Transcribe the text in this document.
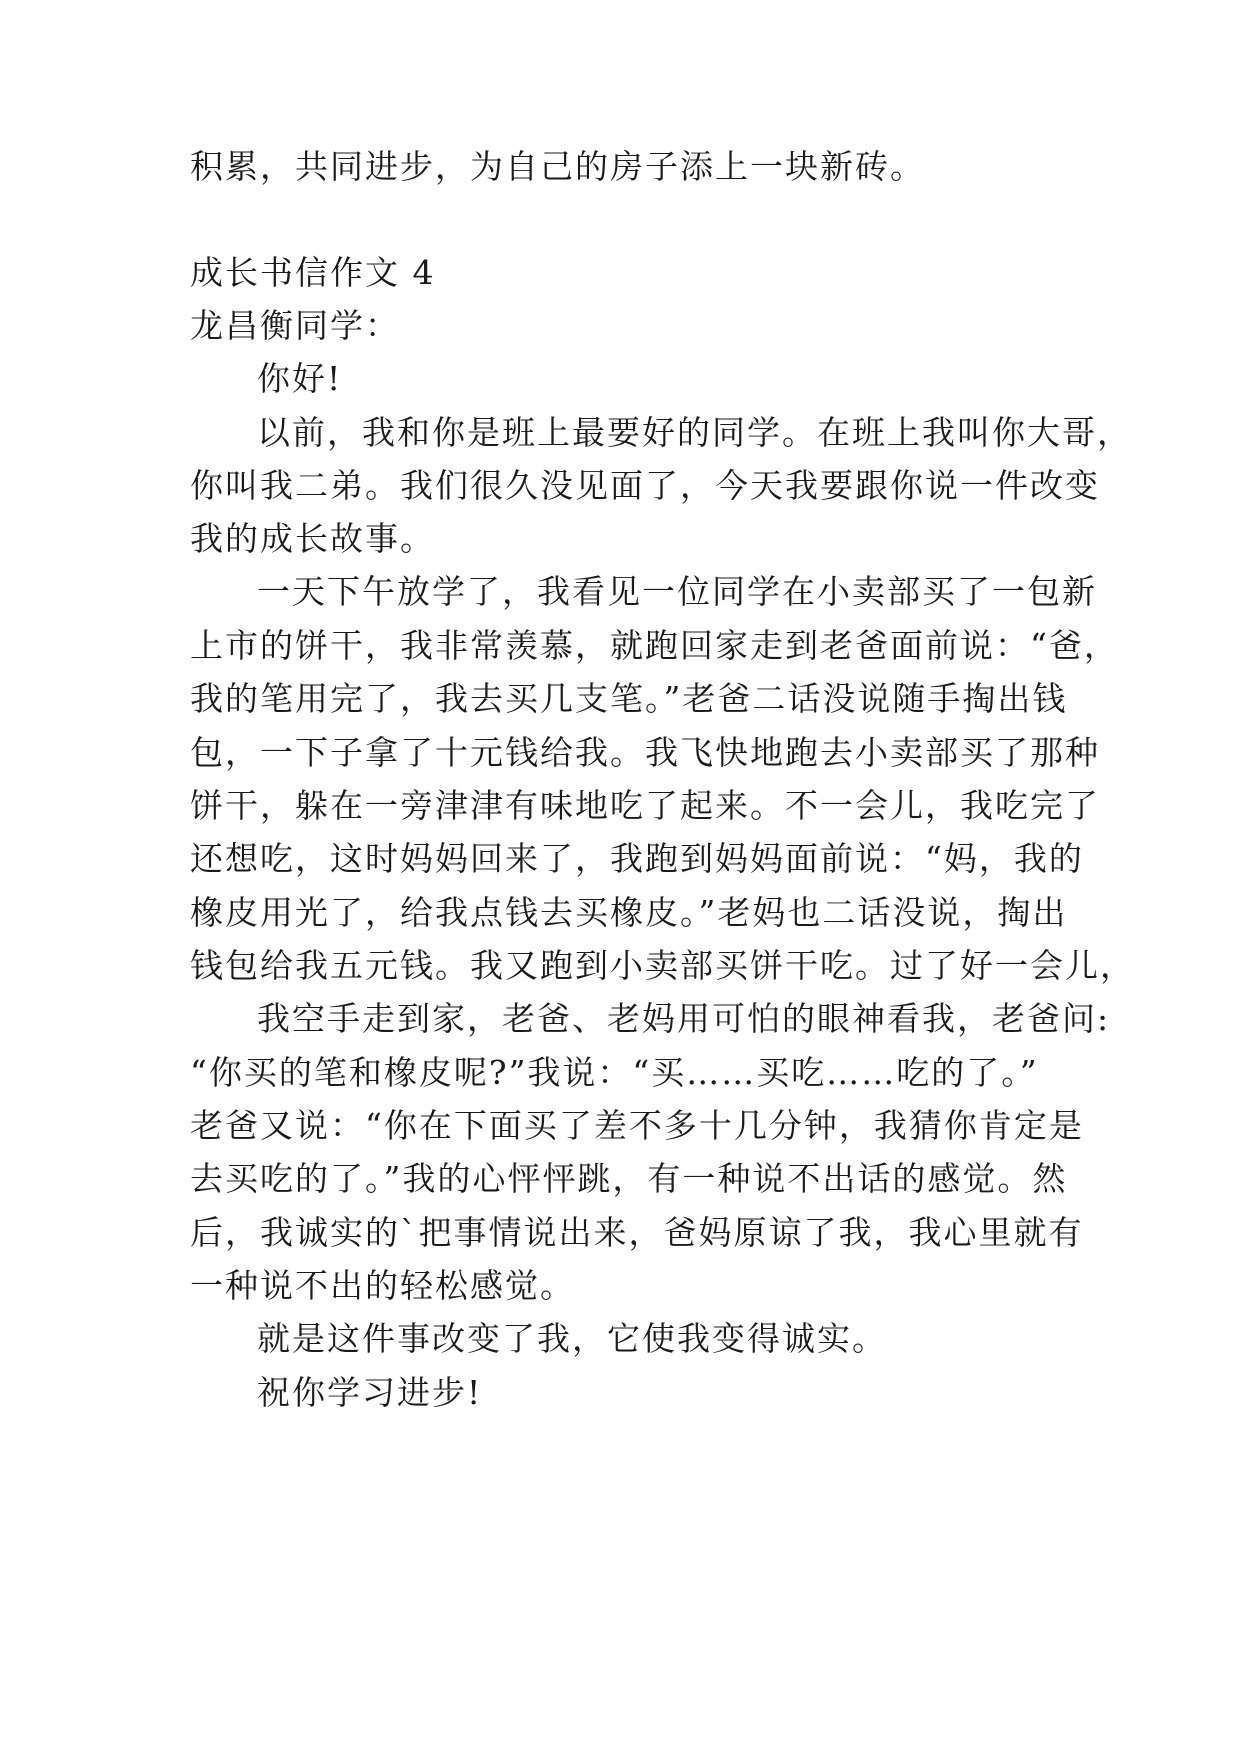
积累，共同进步，为自己的房子添上一块新砖。
成长书信作文 4
龙昌衡同学：
你好!
以前，我和你是班上最要好的同学。在班上我叫你大哥，
你叫我二弟。我们很久没见面了，今天我要跟你说一件改变
我的成长故事。
一天下午放学了，我看见一位同学在小卖部买了一包新
上市的饼干，我非常羡慕，就跑回家走到老爸面前说：“爸，
我的笔用完了，我去买几支笔。”老爸二话没说随手掏出钱
包，一下子拿了十元钱给我。我飞快地跑去小卖部买了那种
饼干，躲在一旁津津有味地吃了起来。不一会儿，我吃完了
还想吃，这时妈妈回来了，我跑到妈妈面前说：“妈，我的
橡皮用光了，给我点钱去买橡皮。”老妈也二话没说，掏出
钱包给我五元钱。我又跑到小卖部买饼干吃。过了好一会儿，
我空手走到家，老爸、老妈用可怕的眼神看我，老爸问:
“你买的笔和橡皮呢?”我说：“买……买吃……吃的了。”
老爸又说：“你在下面买了差不多十几分钟，我猜你肯定是
去买吃的了。”我的心怦怦跳，有一种说不出话的感觉。然
后，我诚实的`把事情说出来，爸妈原谅了我，我心里就有
一种说不出的轻松感觉。
就是这件事改变了我，它使我变得诚实。
祝你学习进步!
